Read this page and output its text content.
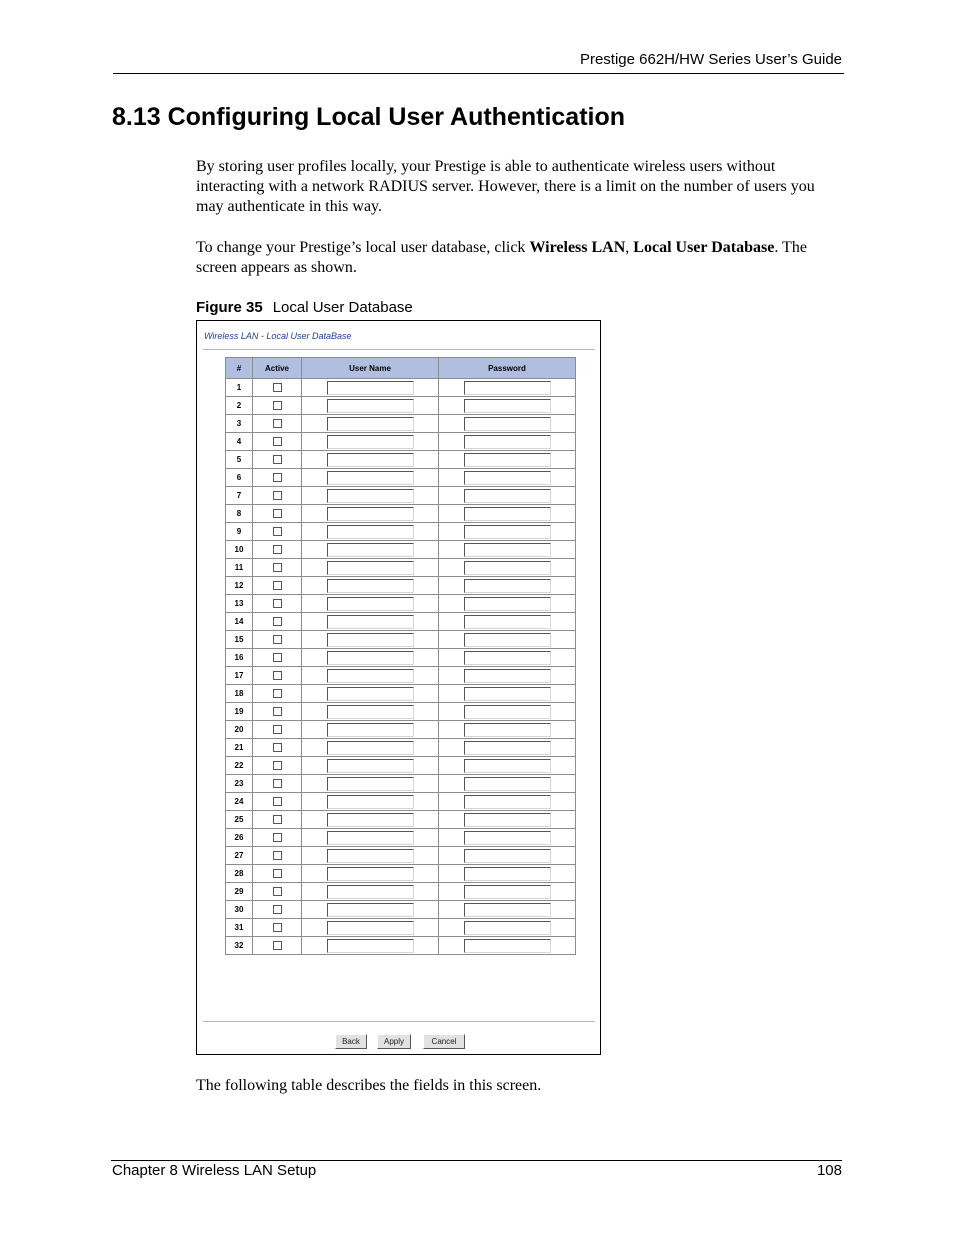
Prestige 662H/HW Series User’s Guide
8.13 Configuring Local User Authentication
By storing user profiles locally, your Prestige is able to authenticate wireless users without interacting with a network RADIUS server. However, there is a limit on the number of users you may authenticate in this way.
To change your Prestige’s local user database, click Wireless LAN, Local User Database. The screen appears as shown.
Figure 35 Local User Database
Wireless LAN - Local User DataBase
#	Active	User Name	Password
1			
2			
3			
4			
5			
6			
7			
8			
9			
10			
11			
12			
13			
14			
15			
16			
17			
18			
19			
20			
21			
22			
23			
24			
25			
26			
27			
28			
29			
30			
31			
32			
Back	Apply	Cancel
The following table describes the fields in this screen.
Chapter 8 Wireless LAN Setup	108
